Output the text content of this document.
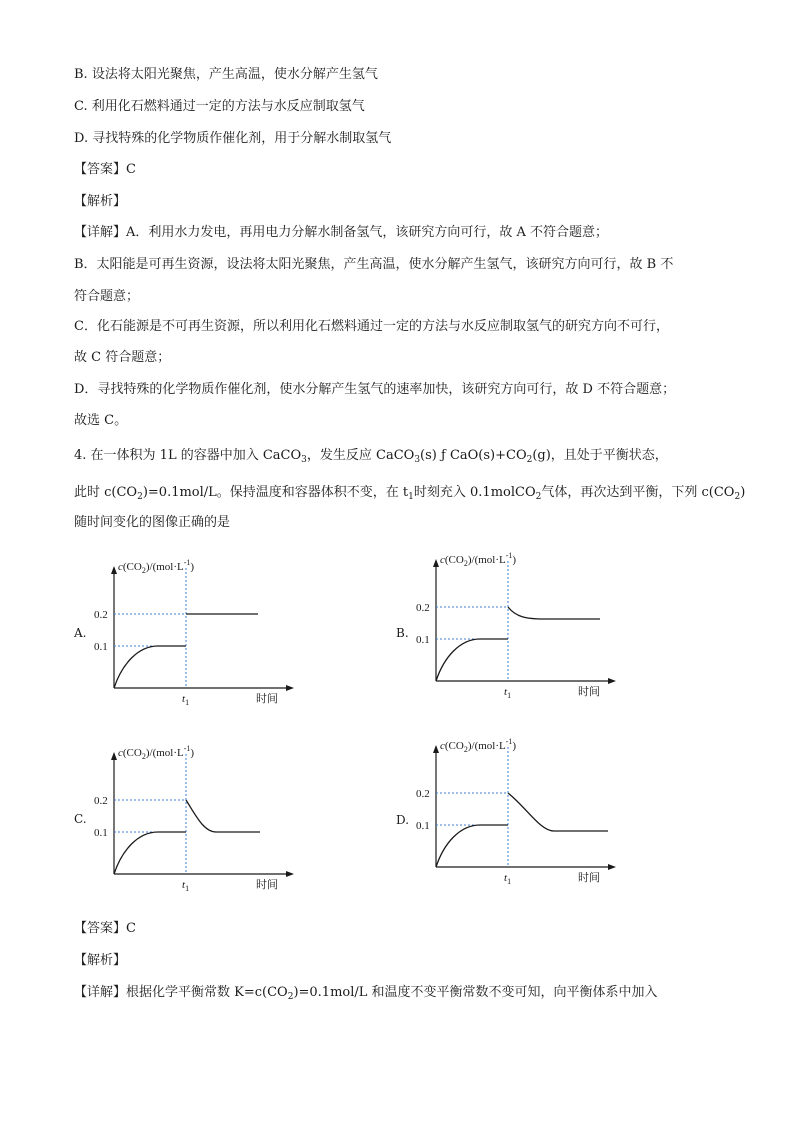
B. 设法将太阳光聚焦，产生高温，使水分解产生氢气
C. 利用化石燃料通过一定的方法与水反应制取氢气
D. 寻找特殊的化学物质作催化剂，用于分解水制取氢气
【答案】C
【解析】
【详解】A．利用水力发电，再用电力分解水制备氢气，该研究方向可行，故 A 不符合题意；
B．太阳能是可再生资源，设法将太阳光聚焦，产生高温，使水分解产生氢气，该研究方向可行，故 B 不
符合题意；
C．化石能源是不可再生资源，所以利用化石燃料通过一定的方法与水反应制取氢气的研究方向不可行，
故 C 符合题意；
D．寻找特殊的化学物质作催化剂，使水分解产生氢气的速率加快，该研究方向可行，故 D 不符合题意；
故选 C。
4. 在一体积为 1L 的容器中加入 CaCO$_3$，发生反应 CaCO$_3$(s) ƒ $CaO(s)+CO_2(g)$，且处于平衡状态，
此时 $c(CO_2)=0.1mol/L$。保持温度和容器体积不变，在 $t_1$时刻充入 0.1molCO$_2$气体，再次达到平衡，下列 $c(CO_2)$
随时间变化的图像正确的是
A.	B.
C.	D.
0.2
0.1
$c(CO_2)/(mol\cdot L^{-1})$
$t_1$	时间
0.2
0.1
$c(CO_2)/(mol\cdot L^{-1})$
$t_1$	时间
0.2
0.1
$c(CO_2)/(mol\cdot L^{-1})$
$t_1$	时间
0.2
0.1
$c(CO_2)/(mol\cdot L^{-1})$
$t_1$	时间
【答案】C
【解析】
【详解】根据化学平衡常数 $K=c(CO_2)=0.1mol/L$ 和温度不变平衡常数不变可知，向平衡体系中加入
